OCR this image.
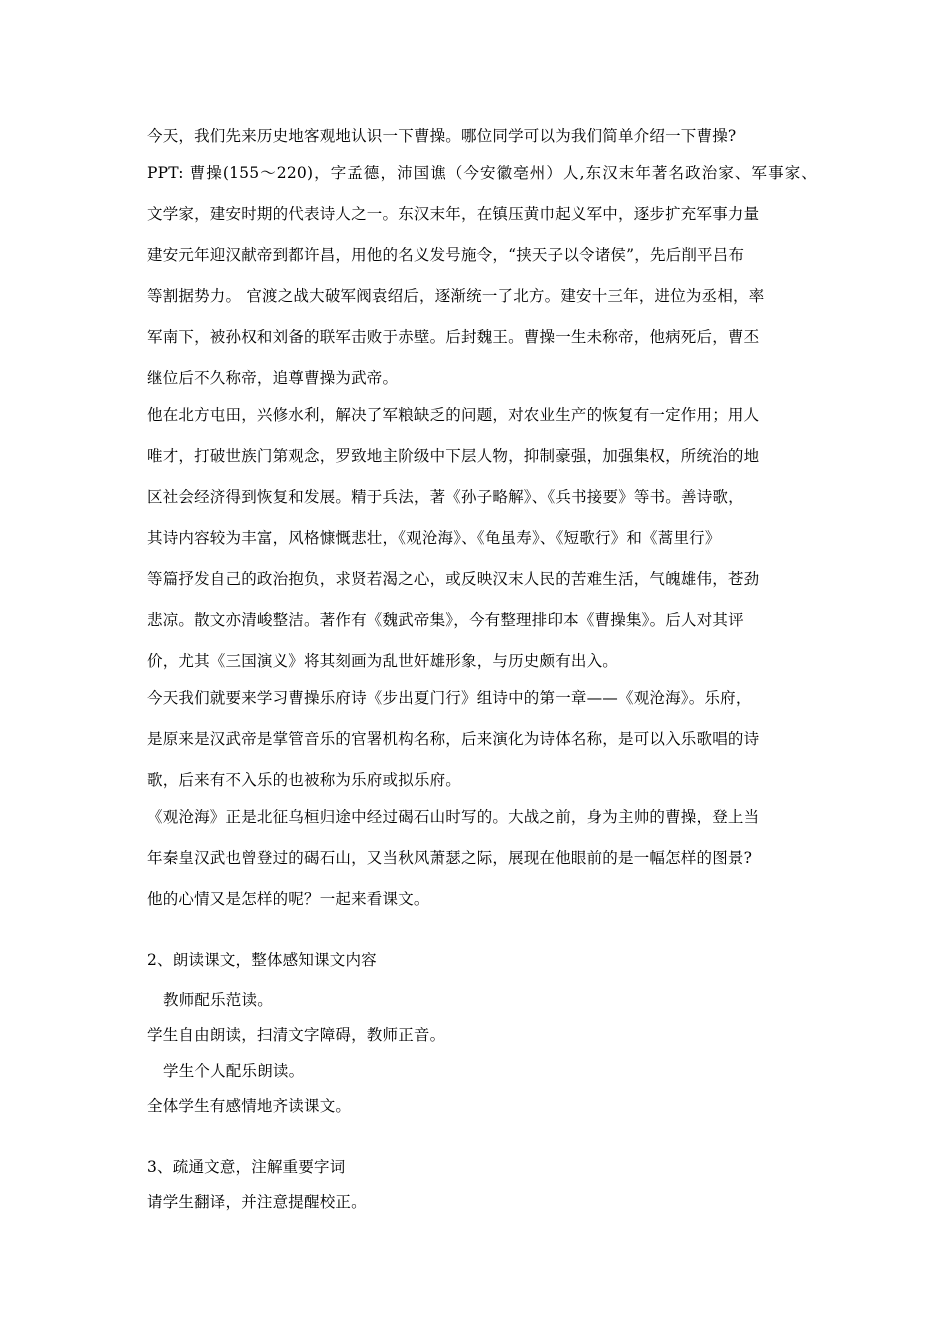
今天，我们先来历史地客观地认识一下曹操。哪位同学可以为我们简单介绍一下曹操?
PPT: 曹操(155～220)，字孟德，沛国谯（今安徽亳州）人,东汉末年著名政治家、军事家、
文学家，建安时期的代表诗人之一。东汉末年，在镇压黄巾起义军中，逐步扩充军事力量
建安元年迎汉献帝到都许昌，用他的名义发号施令，“挟天子以令诸侯”，先后削平吕布
等割据势力。 官渡之战大破军阀袁绍后，逐渐统一了北方。建安十三年，进位为丞相，率
军南下，被孙权和刘备的联军击败于赤壁。后封魏王。曹操一生未称帝，他病死后，曹丕
继位后不久称帝，追尊曹操为武帝。
他在北方屯田，兴修水利，解决了军粮缺乏的问题，对农业生产的恢复有一定作用；用人
唯才，打破世族门第观念，罗致地主阶级中下层人物，抑制豪强，加强集权，所统治的地
区社会经济得到恢复和发展。精于兵法，著《孙子略解》、《兵书接要》等书。善诗歌，
其诗内容较为丰富，风格慷慨悲壮，《观沧海》、《龟虽寿》、《短歌行》和《蒿里行》
等篇抒发自己的政治抱负，求贤若渴之心，或反映汉末人民的苦难生活，气魄雄伟，苍劲
悲凉。散文亦清峻整洁。著作有《魏武帝集》，今有整理排印本《曹操集》。后人对其评
价，尤其《三国演义》将其刻画为乱世奸雄形象，与历史颇有出入。
今天我们就要来学习曹操乐府诗《步出夏门行》组诗中的第一章——《观沧海》。乐府，
是原来是汉武帝是掌管音乐的官署机构名称，后来演化为诗体名称，是可以入乐歌唱的诗
歌，后来有不入乐的也被称为乐府或拟乐府。
《观沧海》正是北征乌桓归途中经过碣石山时写的。大战之前，身为主帅的曹操，登上当
年秦皇汉武也曾登过的碣石山，又当秋风萧瑟之际，展现在他眼前的是一幅怎样的图景?
他的心情又是怎样的呢？一起来看课文。
2、朗读课文，整体感知课文内容
教师配乐范读。
学生自由朗读，扫清文字障碍，教师正音。
学生个人配乐朗读。
全体学生有感情地齐读课文。
3、疏通文意，注解重要字词
请学生翻译，并注意提醒校正。
